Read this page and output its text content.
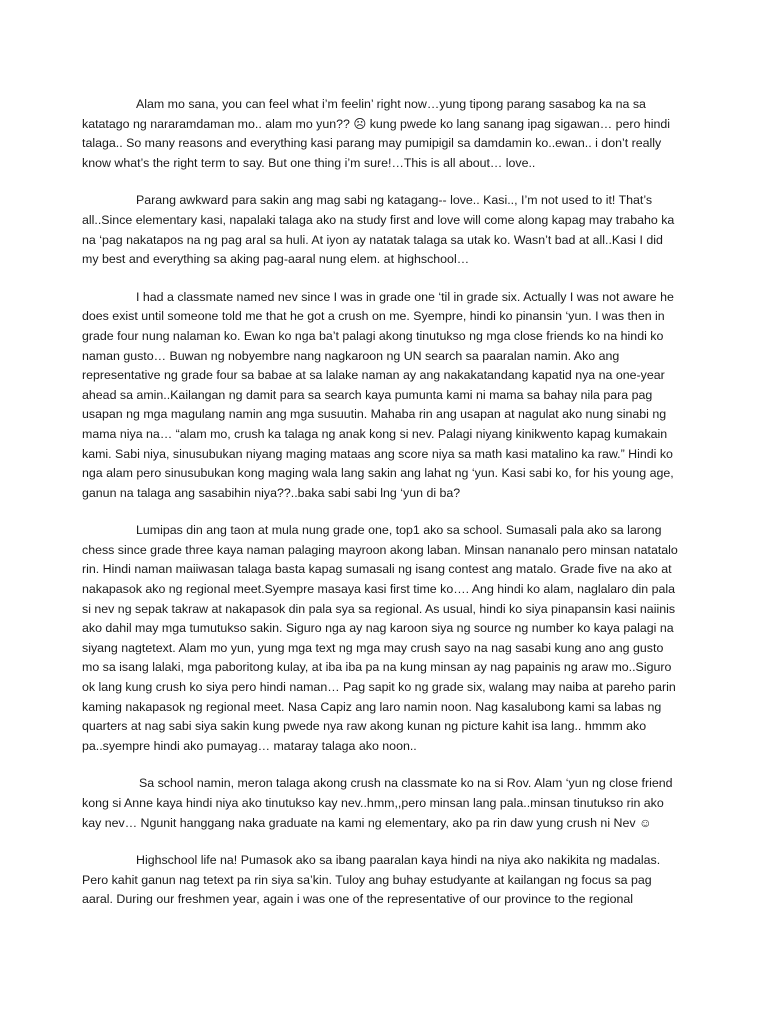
Alam mo sana, you can feel what i’m feelin’ right now…yung tipong parang sasabog ka na sa katatago ng nararamdaman mo.. alam mo yun?? ☹ kung pwede ko lang sanang ipag sigawan… pero hindi talaga.. So many reasons and everything kasi parang may pumipigil sa damdamin ko..ewan.. i don’t really know what’s the right term to say. But one thing i’m sure!…This is all about… love..

Parang awkward para sakin ang mag sabi ng katagang-- love.. Kasi.., I’m not used to it! That’s all..Since elementary kasi, napalaki talaga ako na study first and love will come along kapag may trabaho ka na ‘pag nakatapos na ng pag aral sa huli. At iyon ay natatak talaga sa utak ko. Wasn’t bad at all..Kasi I did my best and everything sa aking pag-aaral nung elem. at highschool…

I had a classmate named nev since I was in grade one ‘til in grade six. Actually I was not aware he does exist until someone told me that he got a crush on me. Syempre, hindi ko pinansin ‘yun. I was then in grade four nung nalaman ko. Ewan ko nga ba’t palagi akong tinutukso ng mga close friends ko na hindi ko naman gusto… Buwan ng nobyembre nang nagkaroon ng UN search sa paaralan namin. Ako ang representative ng grade four sa babae at sa lalake naman ay ang nakakatandang kapatid nya na one-year ahead sa amin..Kailangan ng damit para sa search kaya pumunta kami ni mama sa bahay nila para pag usapan ng mga magulang namin ang mga susuutin. Mahaba rin ang usapan at nagulat ako nung sinabi ng mama niya na… “alam mo, crush ka talaga ng anak kong si nev. Palagi niyang kinikwento kapag kumakain kami. Sabi niya, sinusubukan niyang maging mataas ang score niya sa math kasi matalino ka raw.” Hindi ko nga alam pero sinusubukan kong maging wala lang sakin ang lahat ng ‘yun. Kasi sabi ko, for his young age, ganun na talaga ang sasabihin niya??..baka sabi sabi lng ‘yun di ba?

Lumipas din ang taon at mula nung grade one, top1 ako sa school. Sumasali pala ako sa larong chess since grade three kaya naman palaging mayroon akong laban. Minsan nananalo pero minsan natatalo rin. Hindi naman maiiwasan talaga basta kapag sumasali ng isang contest ang matalo. Grade five na ako at nakapasok ako ng regional meet.Syempre masaya kasi first time ko…. Ang hindi ko alam, naglalaro din pala si nev ng sepak takraw at nakapasok din pala sya sa regional. As usual, hindi ko siya pinapansin kasi naiinis ako dahil may mga tumutukso sakin. Siguro nga ay nag karoon siya ng source ng number ko kaya palagi na siyang nagtetext. Alam mo yun, yung mga text ng mga may crush sayo na nag sasabi kung ano ang gusto mo sa isang lalaki, mga paboritong kulay, at iba iba pa na kung minsan ay nag papainis ng araw mo..Siguro ok lang kung crush ko siya pero hindi naman… Pag sapit ko ng grade six, walang may naiba at pareho parin kaming nakapasok ng regional meet. Nasa Capiz ang laro namin noon. Nag kasalubong kami sa labas ng quarters at nag sabi siya sakin kung pwede nya raw akong kunan ng picture kahit isa lang.. hmmm ako pa..syempre hindi ako pumayag… mataray talaga ako noon..

Sa school namin, meron talaga akong crush na classmate ko na si Rov. Alam ‘yun ng close friend kong si Anne kaya hindi niya ako tinutukso kay nev..hmm,,pero minsan lang pala..minsan tinutukso rin ako kay nev… Ngunit hanggang naka graduate na kami ng elementary, ako pa rin daw yung crush ni Nev ☺

Highschool life na! Pumasok ako sa ibang paaralan kaya hindi na niya ako nakikita ng madalas. Pero kahit ganun nag tetext pa rin siya sa’kin. Tuloy ang buhay estudyante at kailangan ng focus sa pag aaral. During our freshmen year, again i was one of the representative of our province to the regional
